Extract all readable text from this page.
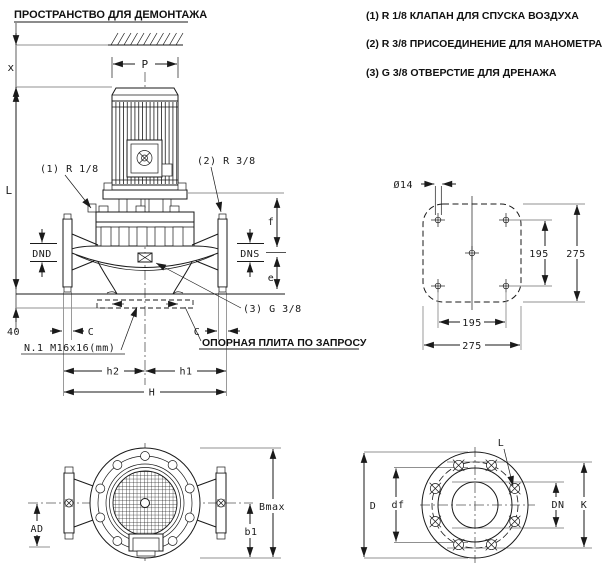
(1) R 1/8 КЛАПАН ДЛЯ СПУСКА ВОЗДУХА
(2) R 3/8 ПРИСОЕДИНЕНИЕ ДЛЯ МАНОМЕТРА
(3) G 3/8 ОТВЕРСТИЕ ДЛЯ ДРЕНАЖА
ПРОСТРАНСТВО ДЛЯ ДЕМОНТАЖА
x
L
40
P
DND	DNS
f
e
C	C
(1) R 1/8
(2) R 3/8
(3) G 3/8
N.1 M16x16(mm)	ОПОРНАЯ ПЛИТА ПО ЗАПРОСУ
h2	h1
H
Ø14
195 275
195
275
AD
Bmax
b1
D df	DN K
L
